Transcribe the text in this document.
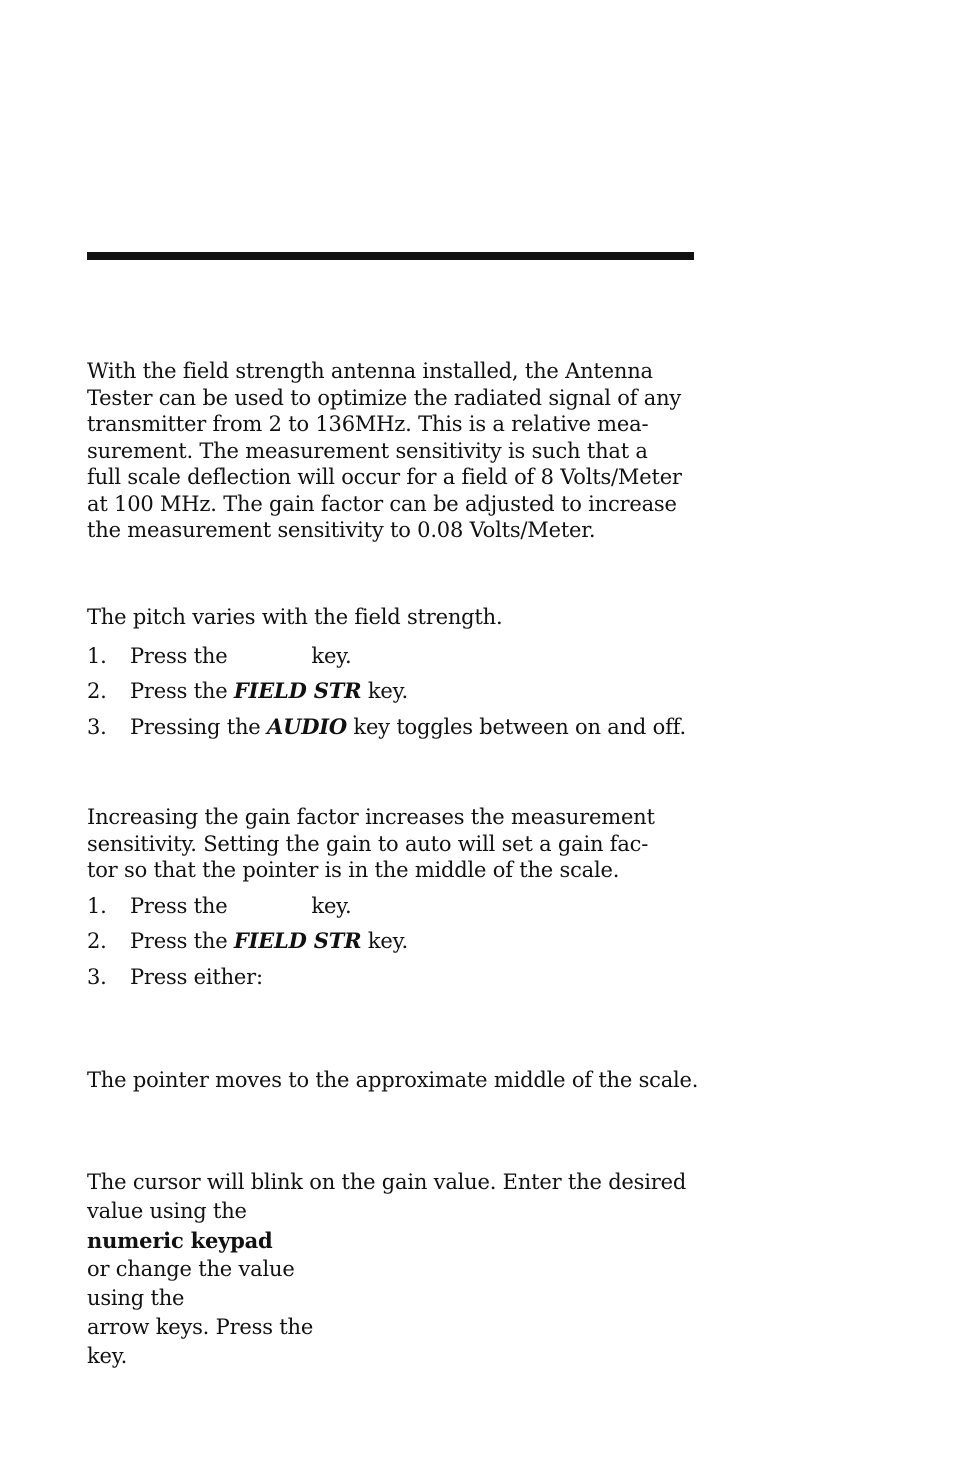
With the field strength antenna installed, the Antenna
Tester can be used to optimize the radiated signal of any
transmitter from 2 to 136MHz. This is a relative mea-
surement. The measurement sensitivity is such that a
full scale deflection will occur for a field of 8 Volts/Meter
at 100 MHz. The gain factor can be adjusted to increase
the measurement sensitivity to 0.08 Volts/Meter.

The pitch varies with the field strength.

1. Press the	key.
2. Press the FIELD STR key.
3. Pressing the AUDIO key toggles between on and off.

Increasing the gain factor increases the measurement
sensitivity. Setting the gain to auto will set a gain fac-
tor so that the pointer is in the middle of the scale.

1. Press the	key.
2. Press the FIELD STR key.
3. Press either:

The pointer moves to the approximate middle of the scale.

The cursor will blink on the gain value. Enter the desired
value using the
numeric keypad
or change the value
using the
arrow keys. Press the
key.
